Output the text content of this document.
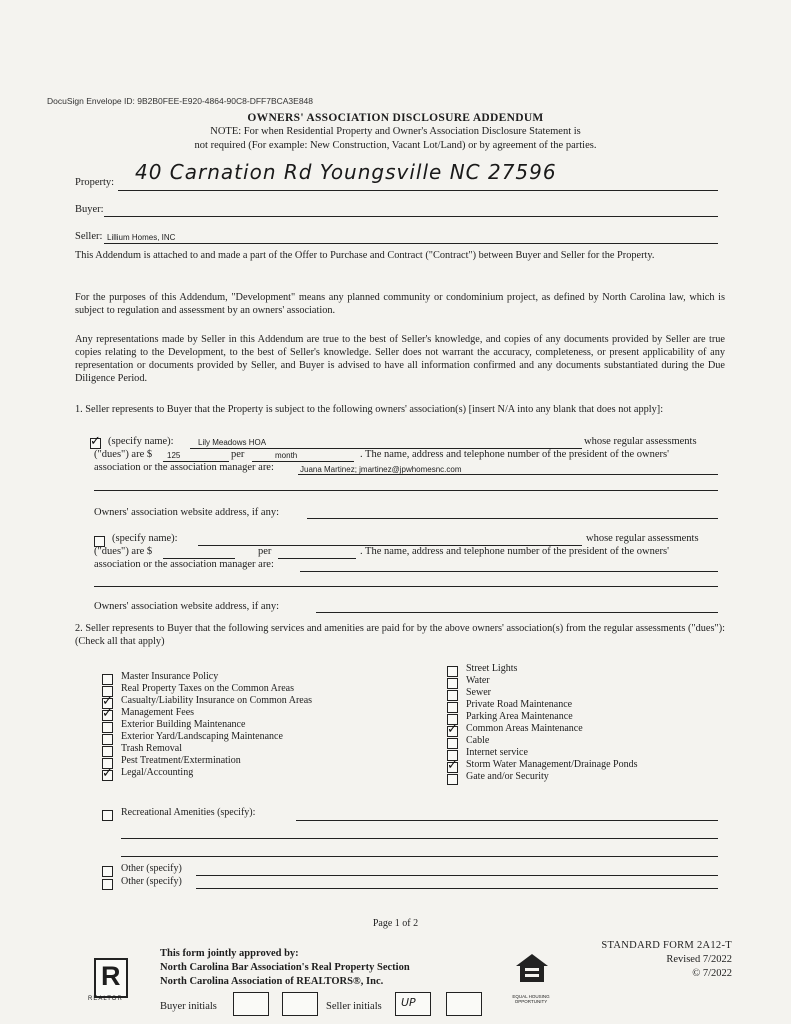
DocuSign Envelope ID: 9B2B0FEE-E920-4864-90C8-DFF7BCA3E848
OWNERS' ASSOCIATION DISCLOSURE ADDENDUM
NOTE: For when Residential Property and Owner's Association Disclosure Statement is
not required (For example: New Construction, Vacant Lot/Land) or by agreement of the parties.
Property: 40 Carnation Rd Youngsville NC 27596
Buyer:
Seller: Lillium Homes, INC
This Addendum is attached to and made a part of the Offer to Purchase and Contract ("Contract") between Buyer and Seller for the Property.
For the purposes of this Addendum, "Development" means any planned community or condominium project, as defined by North Carolina law, which is subject to regulation and assessment by an owners' association.
Any representations made by Seller in this Addendum are true to the best of Seller's knowledge, and copies of any documents provided by Seller are true copies relating to the Development, to the best of Seller's knowledge. Seller does not warrant the accuracy, completeness, or present applicability of any representation or documents provided by Seller, and Buyer is advised to have all information confirmed and any documents substantiated during the Due Diligence Period.
1. Seller represents to Buyer that the Property is subject to the following owners' association(s) [insert N/A into any blank that does not apply]:
✓
(specify name):	Lily Meadows HOA	whose regular assessments
("dues") are $ 125	per	month	. The name, address and telephone number of the president of the owners'
association or the association manager are:	Juana Martinez; jmartinez@jpwhomesnc.com
Owners' association website address, if any:
(specify name):	whose regular assessments
("dues") are $	per	. The name, address and telephone number of the president of the owners'
association or the association manager are:
Owners' association website address, if any:
2. Seller represents to Buyer that the following services and amenities are paid for by the above owners' association(s) from the regular assessments ("dues"): (Check all that apply)
Master Insurance Policy
Real Property Taxes on the Common Areas
✓
Casualty/Liability Insurance on Common Areas
✓
Management Fees
Exterior Building Maintenance
Exterior Yard/Landscaping Maintenance
Trash Removal
Pest Treatment/Extermination
✓
Legal/Accounting
Street Lights
Water
Sewer
Private Road Maintenance
Parking Area Maintenance
✓
Common Areas Maintenance
Cable
Internet service
✓
Storm Water Management/Drainage Ponds
Gate and/or Security
Recreational Amenities (specify):
Other (specify)
Other (specify)
Page 1 of 2
R
REALTOR
This form jointly approved by:
North Carolina Bar Association's Real Property Section
North Carolina Association of REALTORS®, Inc.
EQUAL HOUSING OPPORTUNITY
STANDARD FORM 2A12-T
Revised 7/2022
© 7/2022
Buyer initials	Seller initials UP
